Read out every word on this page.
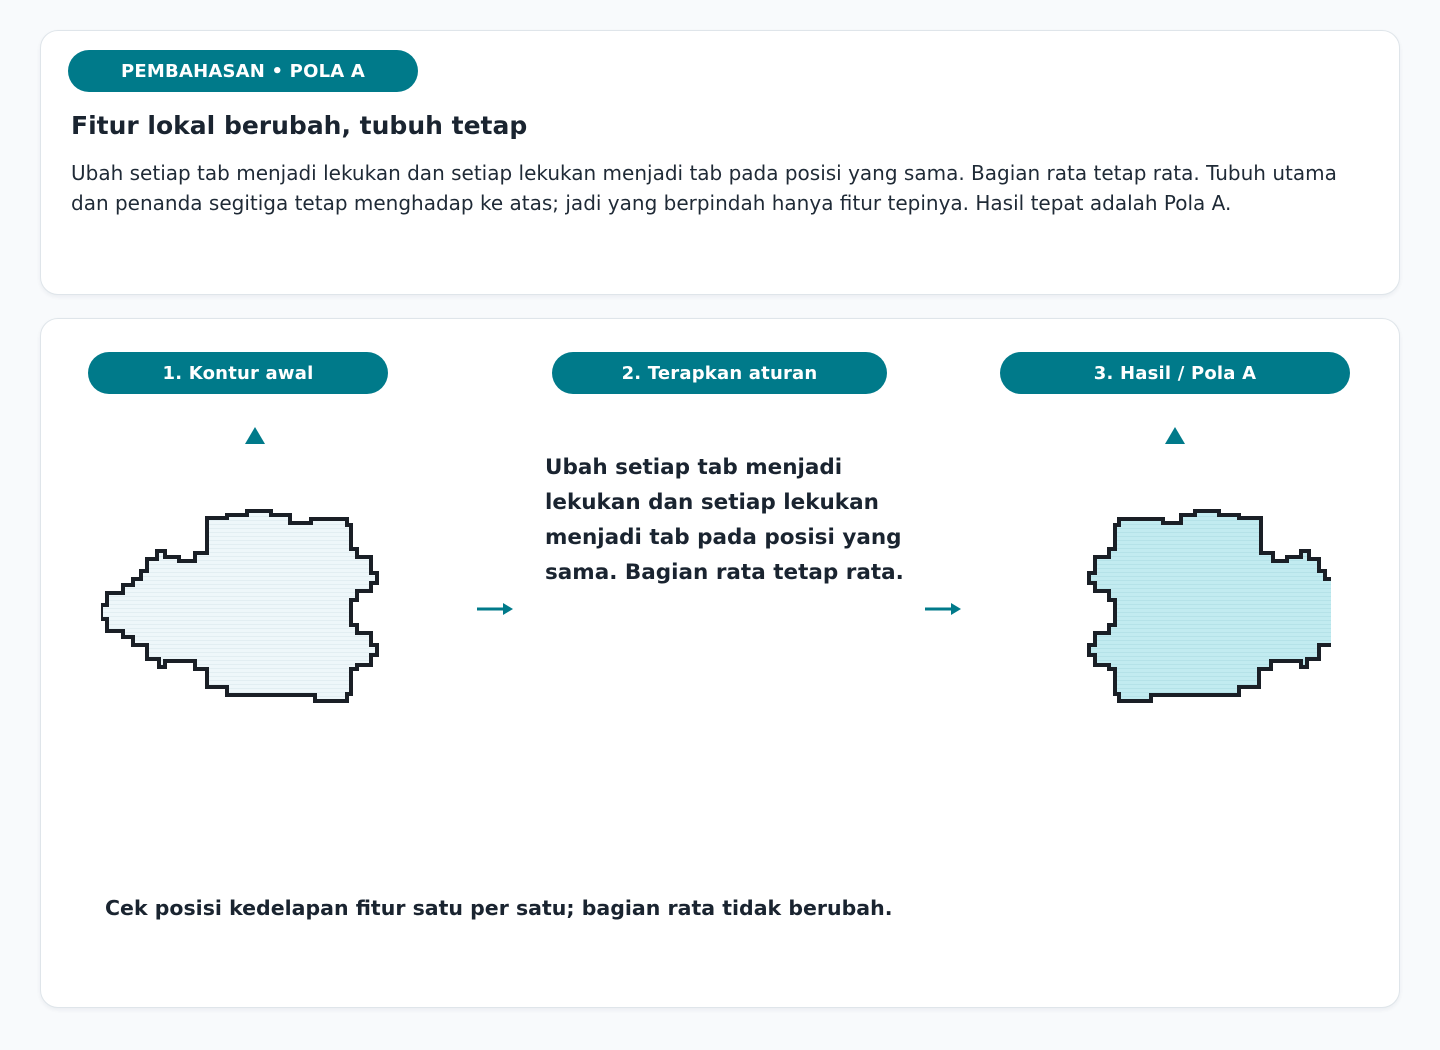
PEMBAHASAN • POLA A
Fitur lokal berubah, tubuh tetap

Ubah setiap tab menjadi lekukan dan setiap lekukan menjadi tab pada posisi yang sama. Bagian rata tetap rata. Tubuh utama dan penanda segitiga tetap menghadap ke atas; jadi yang berpindah hanya fitur tepinya. Hasil tepat adalah Pola A.

1. Kontur awal	2. Terapkan aturan	3. Hasil / Pola A

Ubah setiap tab menjadi lekukan dan setiap lekukan menjadi tab pada posisi yang sama. Bagian rata tetap rata.

Cek posisi kedelapan fitur satu per satu; bagian rata tidak berubah.
